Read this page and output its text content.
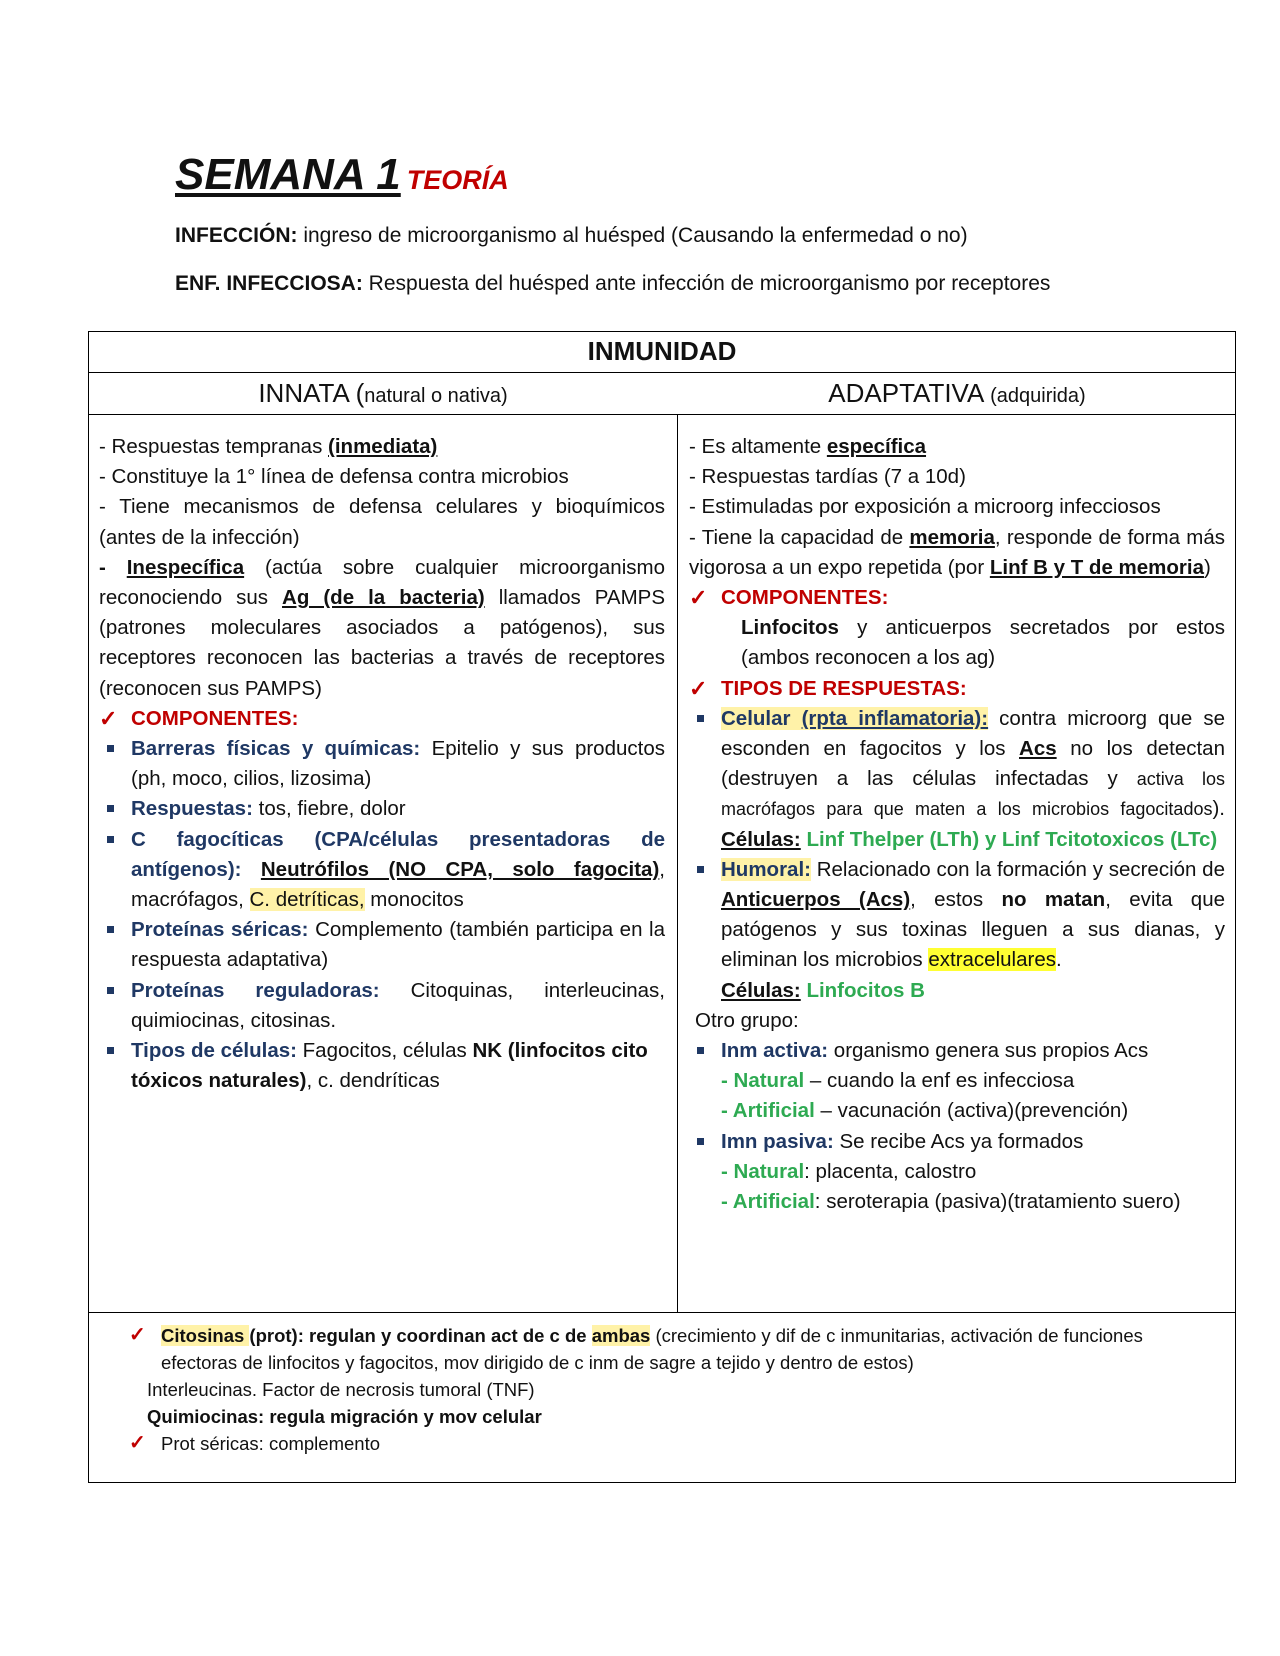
SEMANA 1 TEORÍA
INFECCIÓN: ingreso de microorganismo al huésped (Causando la enfermedad o no)
ENF. INFECCIOSA: Respuesta del huésped ante infección de microorganismo por receptores
INMUNIDAD
INNATA (natural o nativa)	ADAPTATIVA (adquirida)
- Respuestas tempranas (inmediata)
- Constituye la 1° línea de defensa contra microbios
- Tiene mecanismos de defensa celulares y bioquímicos (antes de la infección)
- Inespecífica (actúa sobre cualquier microorganismo reconociendo sus Ag (de la bacteria) llamados PAMPS (patrones moleculares asociados a patógenos), sus receptores reconocen las bacterias a través de receptores (reconocen sus PAMPS)
✓ COMPONENTES:
Barreras físicas y químicas: Epitelio y sus productos (ph, moco, cilios, lizosima)
Respuestas: tos, fiebre, dolor
C fagocíticas (CPA/células presentadoras de antígenos): Neutrófilos (NO CPA, solo fagocita), macrófagos, C. detríticas, monocitos
Proteínas séricas: Complemento (también participa en la respuesta adaptativa)
Proteínas reguladoras: Citoquinas, interleucinas, quimiocinas, citosinas.
Tipos de células: Fagocitos, células NK (linfocitos cito tóxicos naturales), c. dendríticas
- Es altamente específica
- Respuestas tardías (7 a 10d)
- Estimuladas por exposición a microorg infecciosos
- Tiene la capacidad de memoria, responde de forma más vigorosa a un expo repetida (por Linf B y T de memoria)
✓ COMPONENTES:
Linfocitos y anticuerpos secretados por estos (ambos reconocen a los ag)
✓ TIPOS DE RESPUESTAS:
Celular (rpta inflamatoria): contra microorg que se esconden en fagocitos y los Acs no los detectan (destruyen a las células infectadas y activa los macrófagos para que maten a los microbios fagocitados). Células: Linf Thelper (LTh) y Linf Tcitotoxicos (LTc)
Humoral: Relacionado con la formación y secreción de Anticuerpos (Acs), estos no matan, evita que patógenos y sus toxinas lleguen a sus dianas, y eliminan los microbios extracelulares.
Células: Linfocitos B
Otro grupo:
Inm activa: organismo genera sus propios Acs
- Natural – cuando la enf es infecciosa
- Artificial – vacunación (activa)(prevención)
Imn pasiva: Se recibe Acs ya formados
- Natural: placenta, calostro
- Artificial: seroterapia (pasiva)(tratamiento suero)
✓ Citosinas (prot): regulan y coordinan act de c de ambas (crecimiento y dif de c inmunitarias, activación de funciones efectoras de linfocitos y fagocitos, mov dirigido de c inm de sagre a tejido y dentro de estos)
Interleucinas. Factor de necrosis tumoral (TNF)
Quimiocinas: regula migración y mov celular
✓ Prot séricas: complemento
